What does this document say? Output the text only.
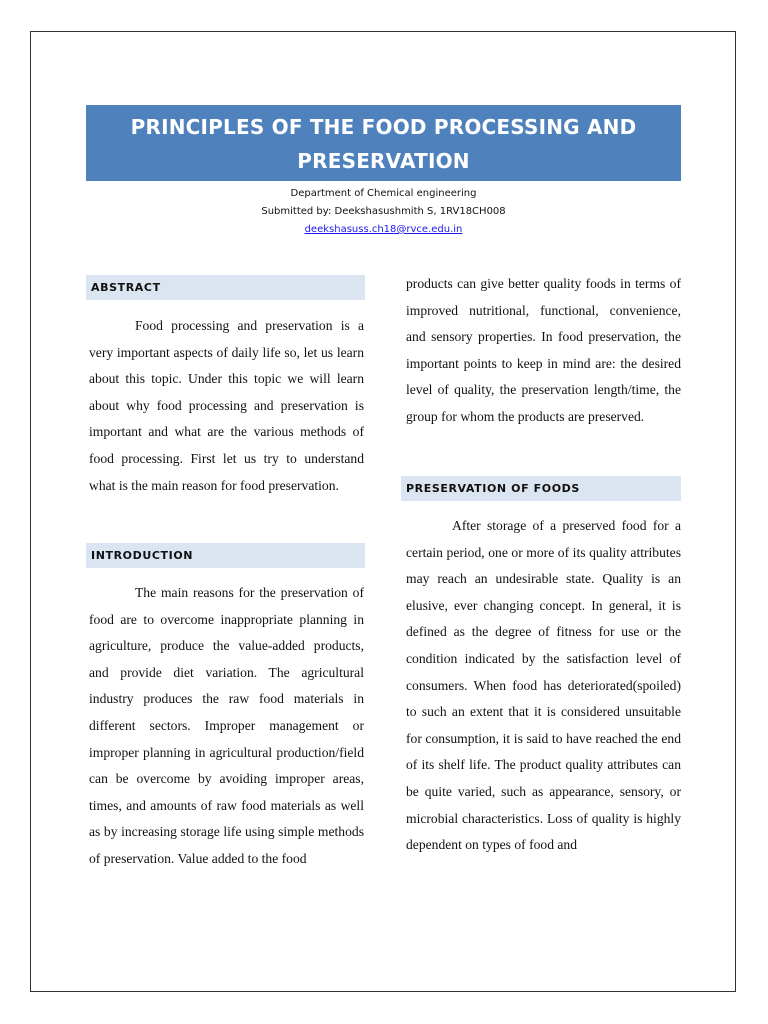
PRINCIPLES OF THE FOOD PROCESSING AND
PRESERVATION
Department of Chemical engineering
Submitted by: Deekshasushmith S, 1RV18CH008
deekshasuss.ch18@rvce.edu.in
ABSTRACT

Food processing and preservation is a very important aspects of daily life so, let us learn about this topic. Under this topic we will learn about why food processing and preservation is important and what are the various methods of food processing. First let us try to understand what is the main reason for food preservation.

INTRODUCTION

The main reasons for the preservation of food are to overcome inappropriate planning in agriculture, produce the value-added products, and provide diet variation. The agricultural industry produces the raw food materials in different sectors. Improper management or improper planning in agricultural production/field can be overcome by avoiding improper areas, times, and amounts of raw food materials as well as by increasing storage life using simple methods of preservation. Value added to the food

products can give better quality foods in terms of improved nutritional, functional, convenience, and sensory properties. In food preservation, the important points to keep in mind are: the desired level of quality, the preservation length/time, the group for whom the products are preserved.

PRESERVATION OF FOODS

After storage of a preserved food for a certain period, one or more of its quality attributes may reach an undesirable state. Quality is an elusive, ever changing concept. In general, it is defined as the degree of fitness for use or the condition indicated by the satisfaction level of consumers. When food has deteriorated(spoiled) to such an extent that it is considered unsuitable for consumption, it is said to have reached the end of its shelf life. The product quality attributes can be quite varied, such as appearance, sensory, or microbial characteristics. Loss of quality is highly dependent on types of food and
